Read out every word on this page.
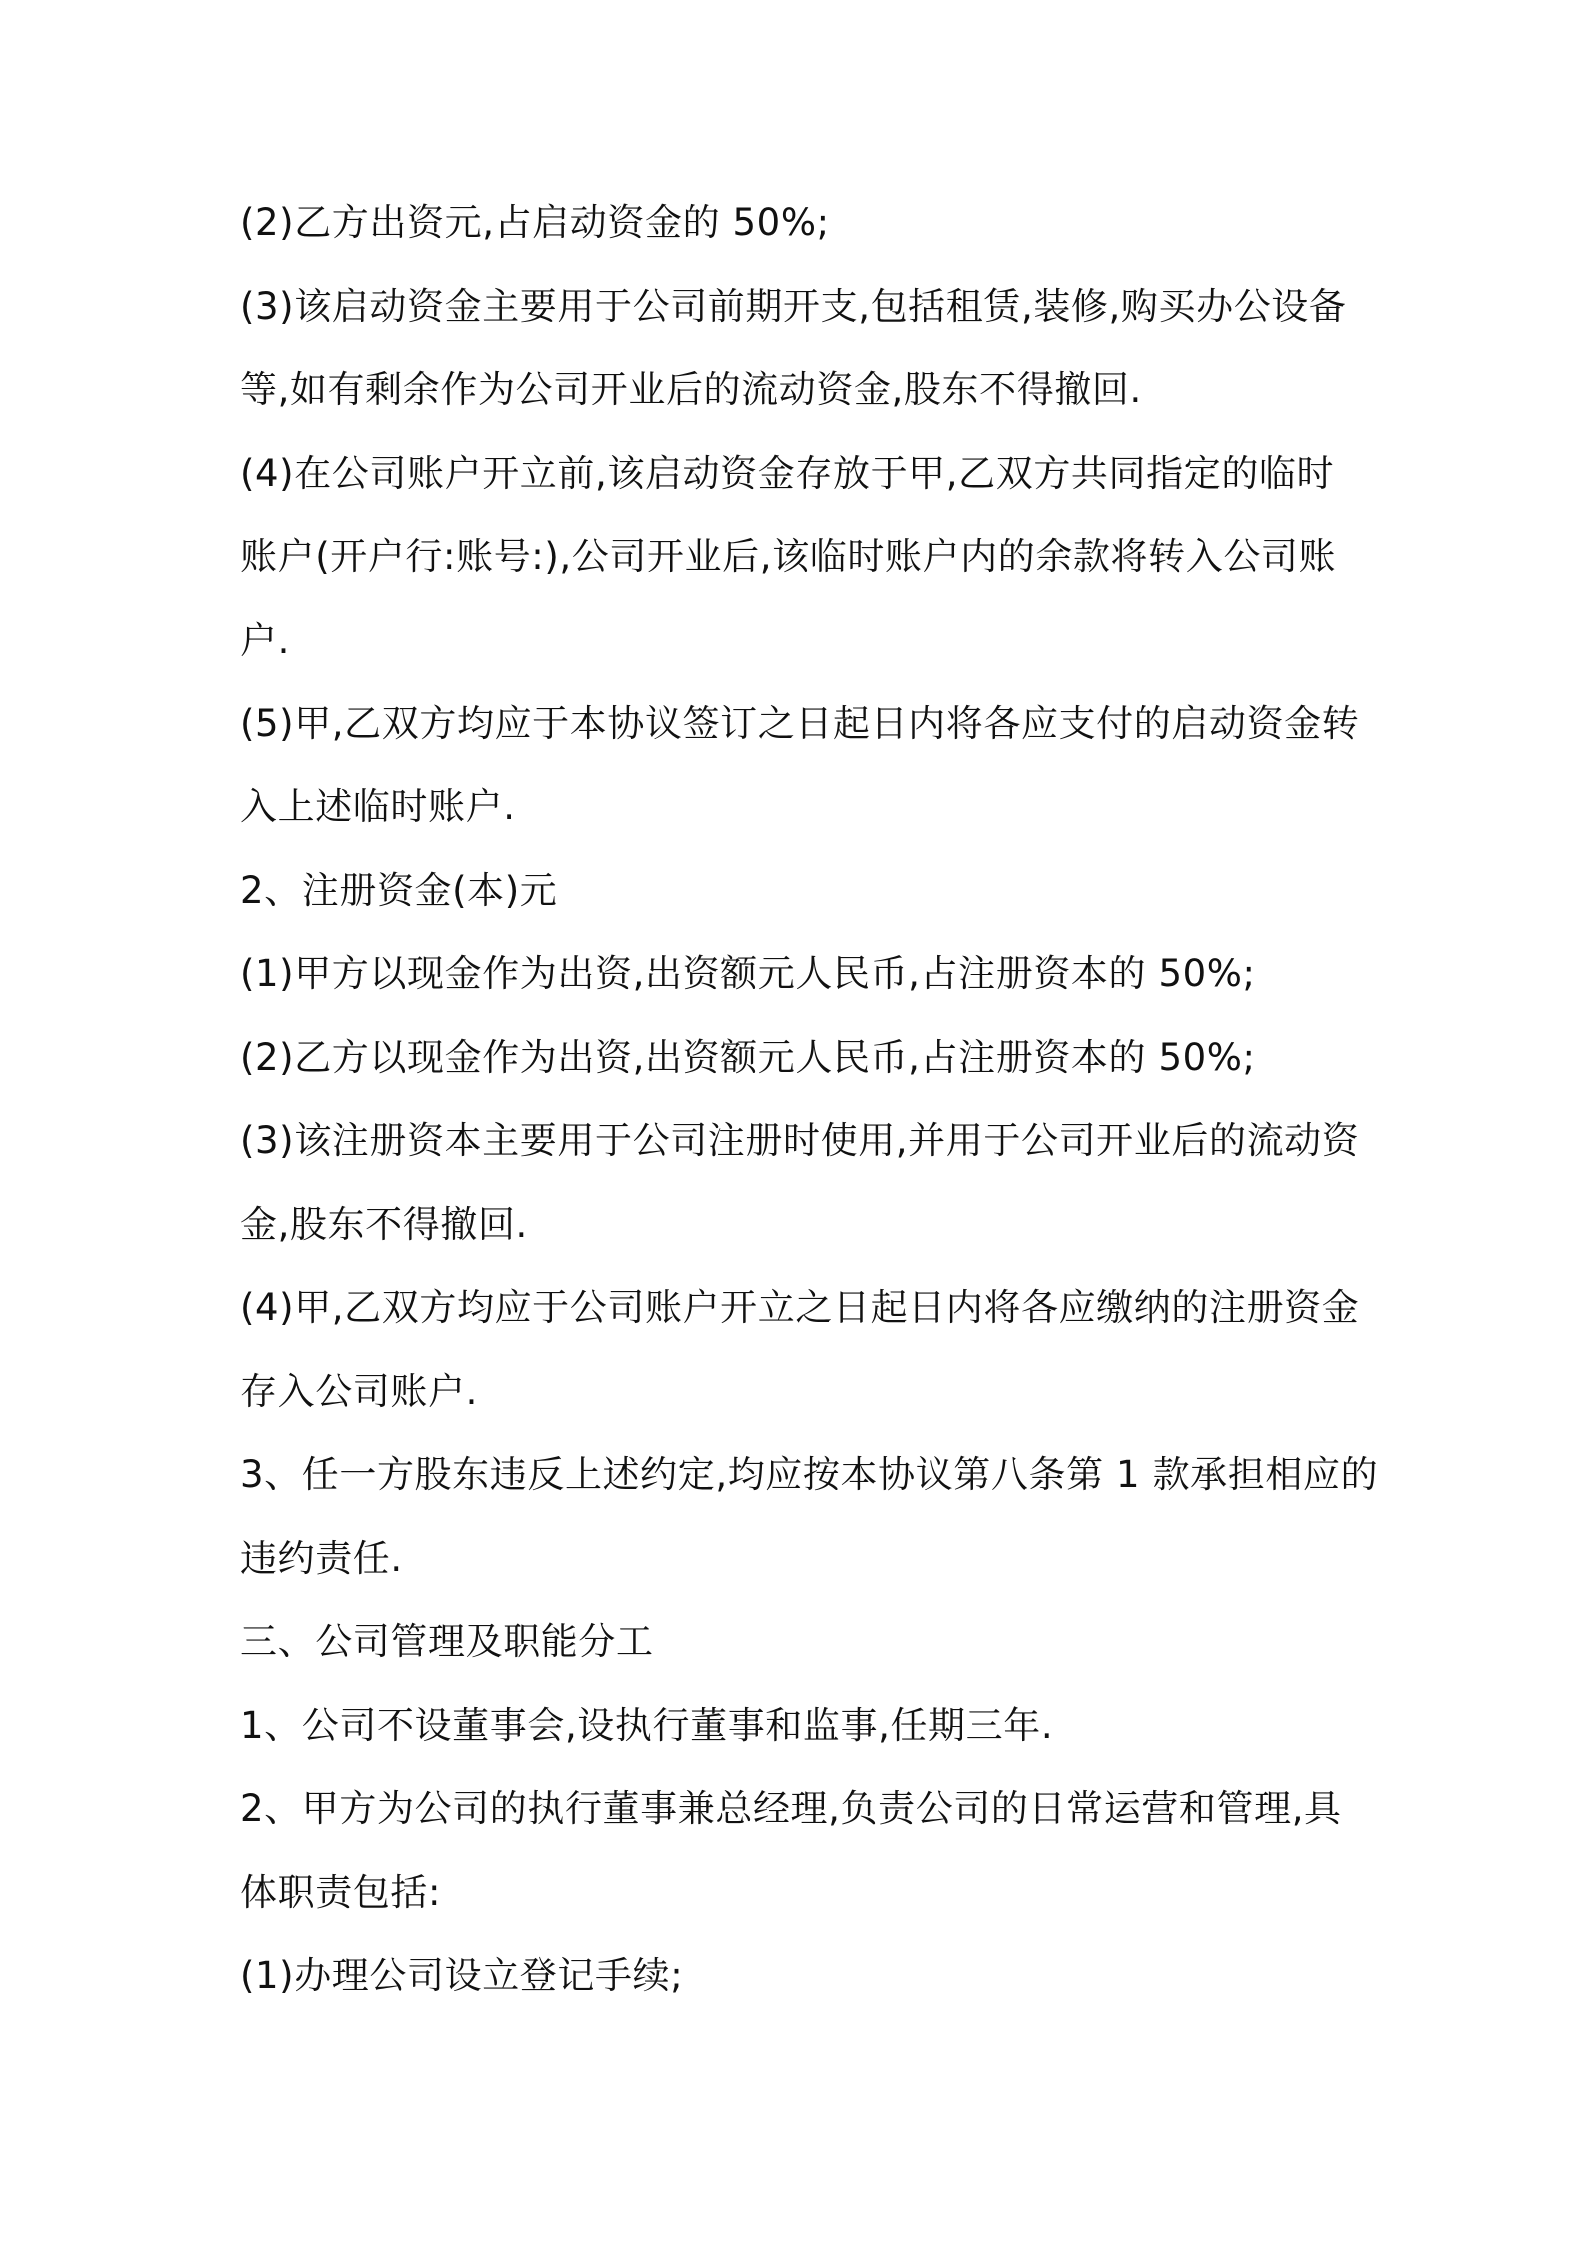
(2)乙方出资元,占启动资金的 50%;
(3)该启动资金主要用于公司前期开支,包括租赁,装修,购买办公设备
等,如有剩余作为公司开业后的流动资金,股东不得撤回.
(4)在公司账户开立前,该启动资金存放于甲,乙双方共同指定的临时
账户(开户行:账号:),公司开业后,该临时账户内的余款将转入公司账
户.
(5)甲,乙双方均应于本协议签订之日起日内将各应支付的启动资金转
入上述临时账户.
2、注册资金(本)元
(1)甲方以现金作为出资,出资额元人民币,占注册资本的 50%;
(2)乙方以现金作为出资,出资额元人民币,占注册资本的 50%;
(3)该注册资本主要用于公司注册时使用,并用于公司开业后的流动资
金,股东不得撤回.
(4)甲,乙双方均应于公司账户开立之日起日内将各应缴纳的注册资金
存入公司账户.
3、任一方股东违反上述约定,均应按本协议第八条第 1 款承担相应的
违约责任.
三、公司管理及职能分工
1、公司不设董事会,设执行董事和监事,任期三年.
2、甲方为公司的执行董事兼总经理,负责公司的日常运营和管理,具
体职责包括:
(1)办理公司设立登记手续;
